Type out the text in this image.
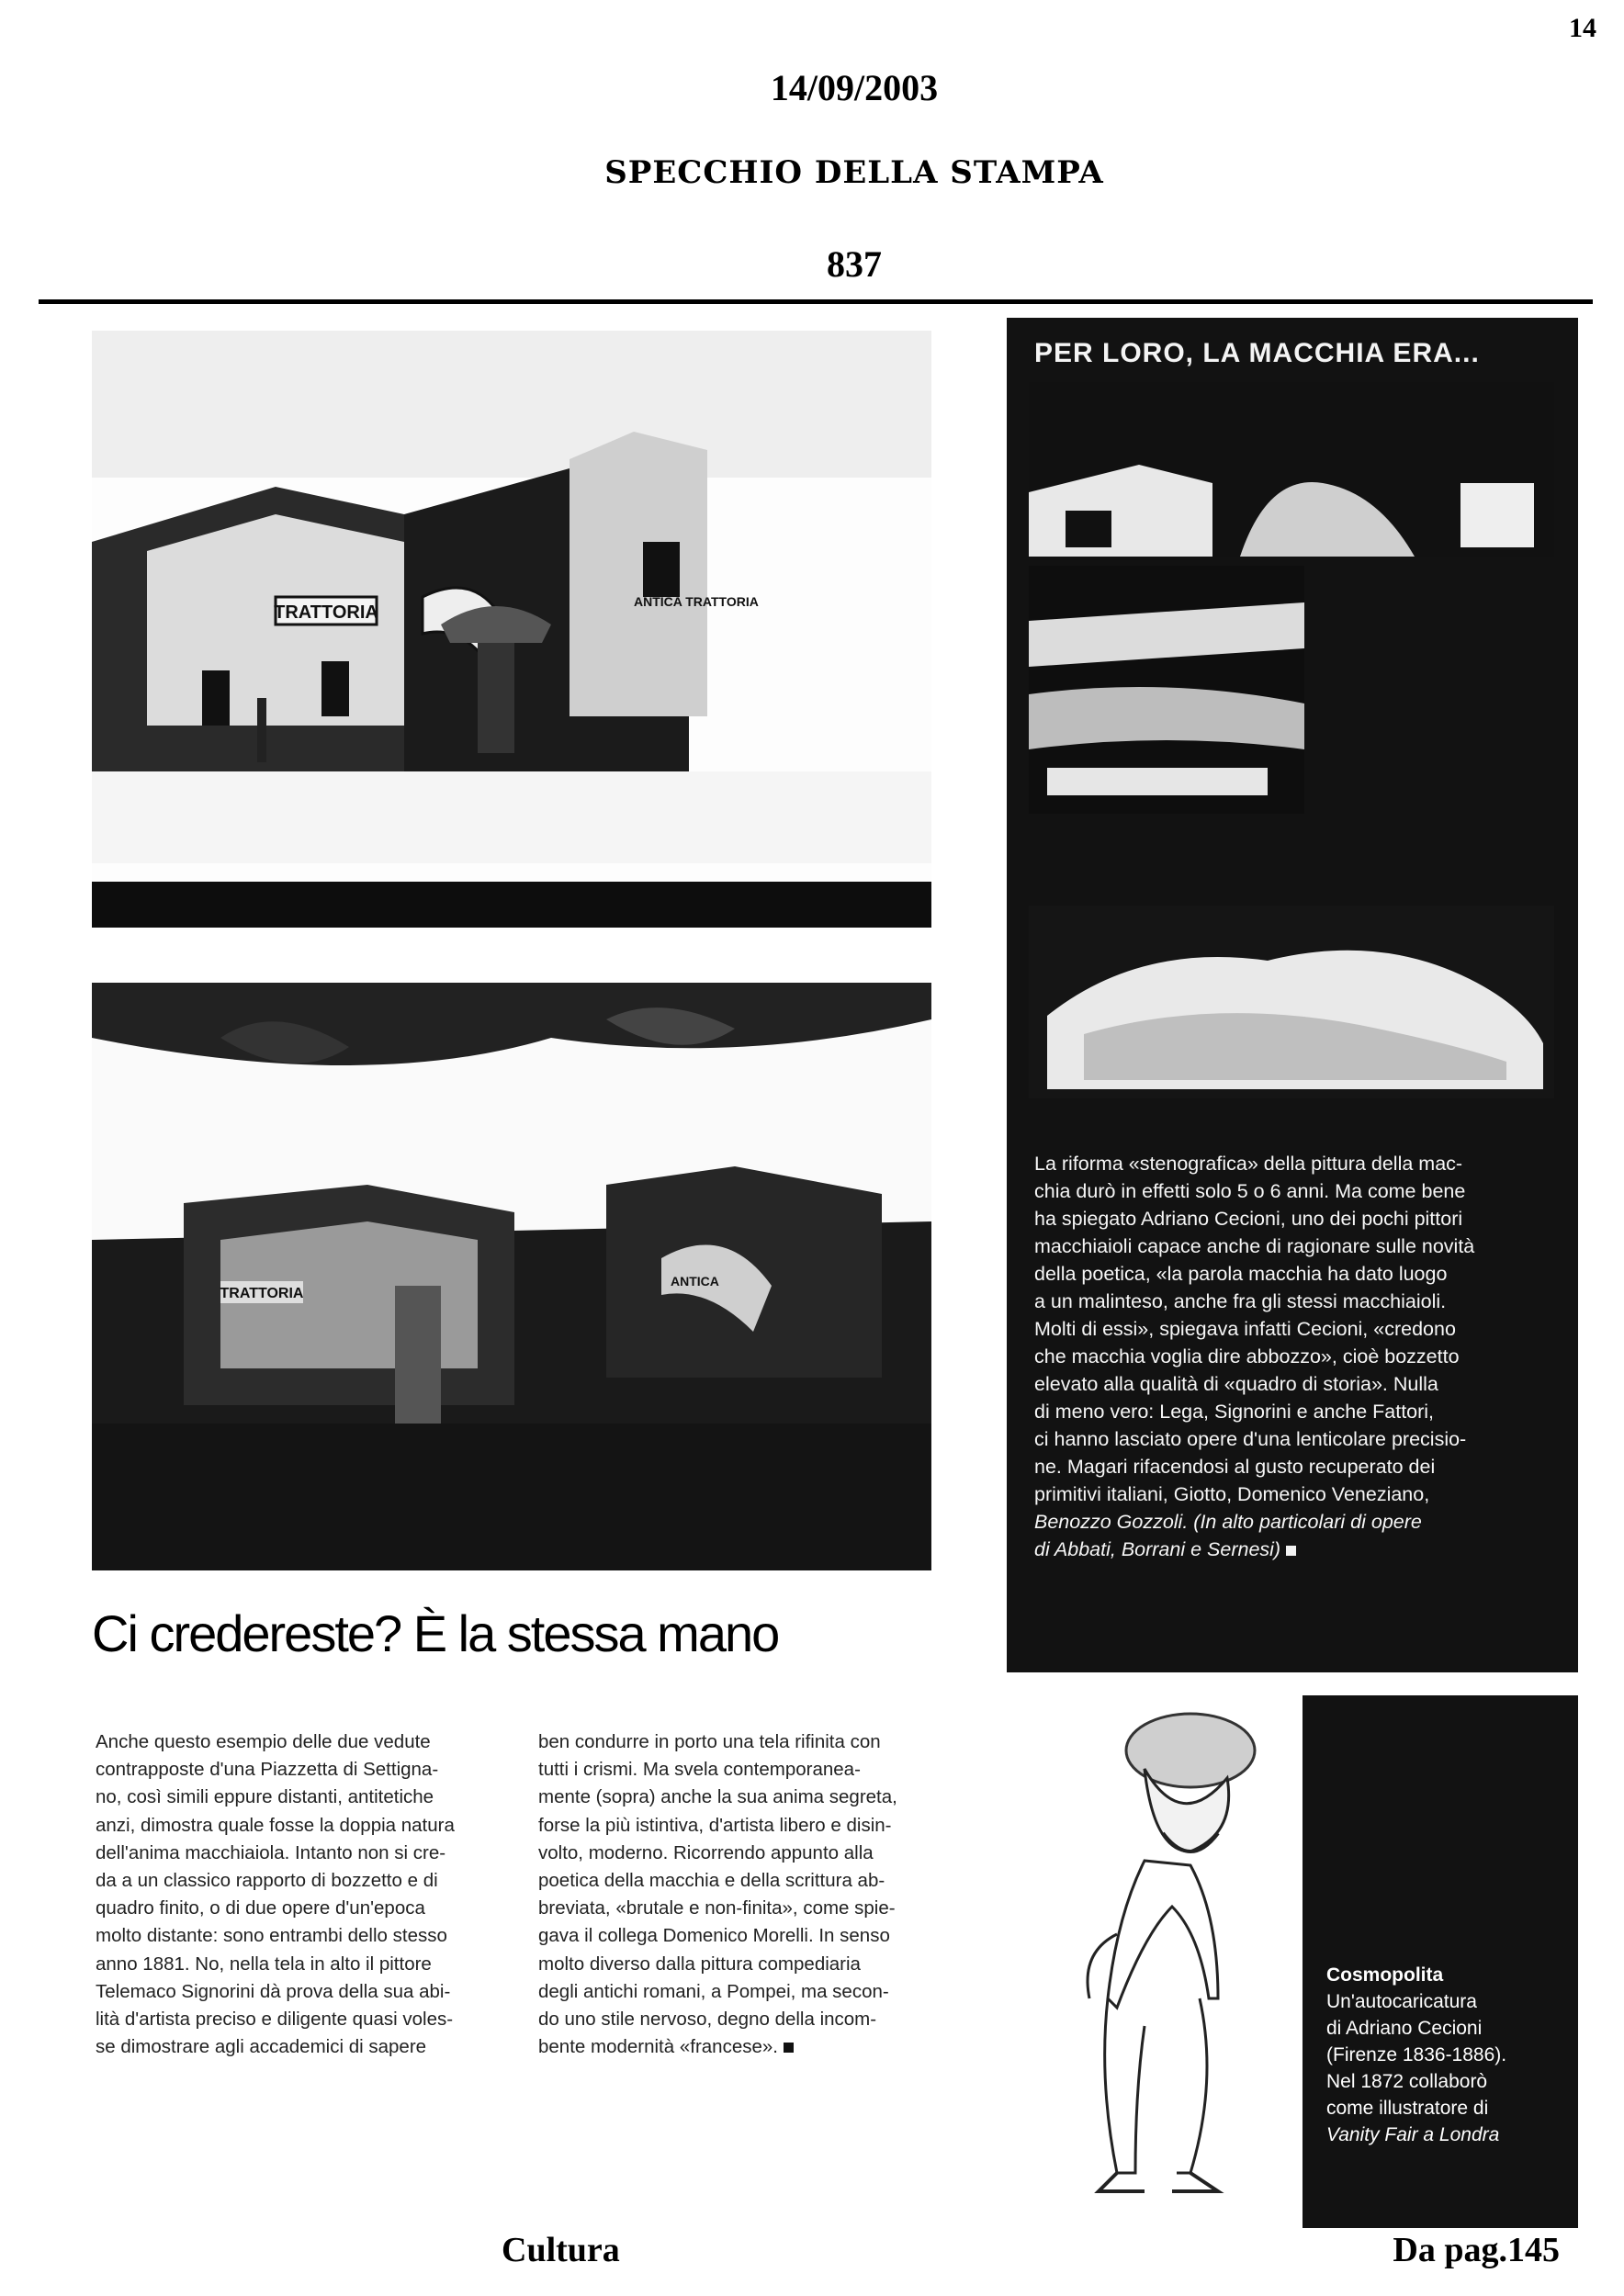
14
14/09/2003
SPECCHIO DELLA STAMPA
837
TRATTORIA
ANTICA TRATTORIA
TRATTORIA
ANTICA
Ci credereste? È la stessa mano

Anche questo esempio delle due vedute

contrapposte d'una Piazzetta di Settigna-

no, così simili eppure distanti, antitetiche

anzi, dimostra quale fosse la doppia natura

dell'anima macchiaiola. Intanto non si cre-

da a un classico rapporto di bozzetto e di

quadro finito, o di due opere d'un'epoca

molto distante: sono entrambi dello stesso

anno 1881. No, nella tela in alto il pittore

Telemaco Signorini dà prova della sua abi-

lità d'artista preciso e diligente quasi voles-

se dimostrare agli accademici di sapere

ben condurre in porto una tela rifinita con

tutti i crismi. Ma svela contemporanea-

mente (sopra) anche la sua anima segreta,

forse la più istintiva, d'artista libero e disin-

volto, moderno. Ricorrendo appunto alla

poetica della macchia e della scrittura ab-

breviata, «brutale e non-finita», come spie-

gava il collega Domenico Morelli. In senso

molto diverso dalla pittura compediaria

degli antichi romani, a Pompei, ma secon-

do uno stile nervoso, degno della incom-

bente modernità «francese».

PER LORO, LA MACCHIA ERA...
La riforma «stenografica» della pittura della mac-
chia durò in effetti solo 5 o 6 anni. Ma come bene
ha spiegato Adriano Cecioni, uno dei pochi pittori
macchiaioli capace anche di ragionare sulle novità
della poetica, «la parola macchia ha dato luogo
a un malinteso, anche fra gli stessi macchiaioli.
Molti di essi», spiegava infatti Cecioni, «credono
che macchia voglia dire abbozzo», cioè bozzetto
elevato alla qualità di «quadro di storia». Nulla
di meno vero: Lega, Signorini e anche Fattori,
ci hanno lasciato opere d'una lenticolare precisio-
ne. Magari rifacendosi al gusto recuperato dei
primitivi italiani, Giotto, Domenico Veneziano,
Benozzo Gozzoli. (In alto particolari di opere
di Abbati, Borrani e Sernesi)
Cosmopolita
Un'autocaricatura
di Adriano Cecioni
(Firenze 1836-1886).
Nel 1872 collaborò
come illustratore di
Vanity Fair a Londra
Cultura	Da pag.145
